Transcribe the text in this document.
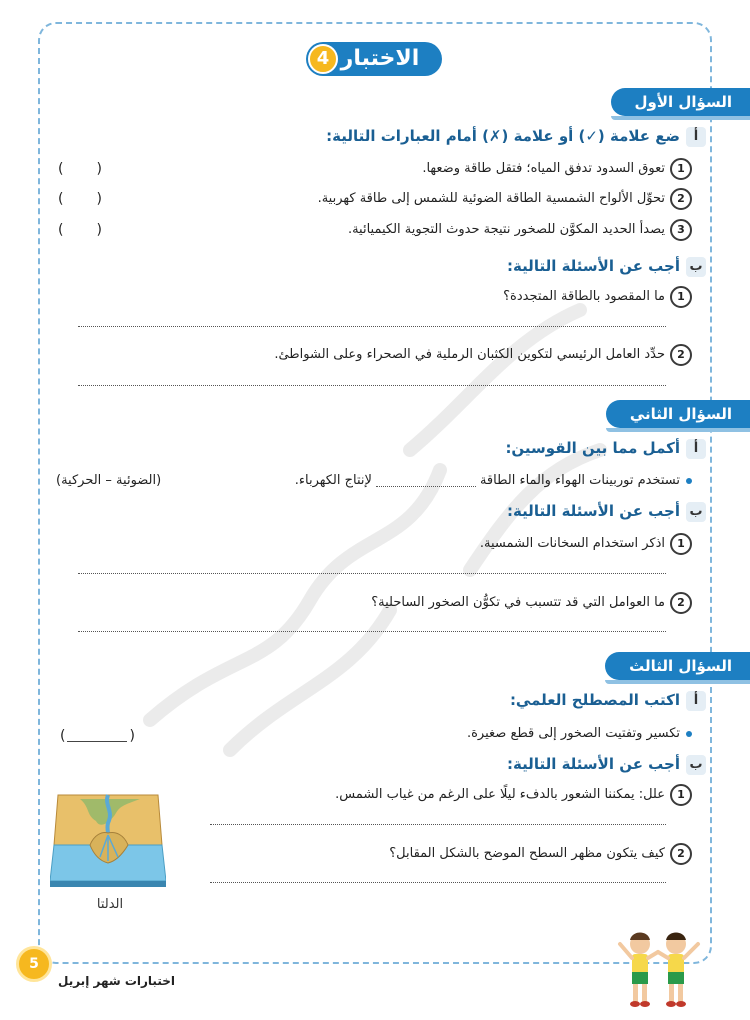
الاختبار
4
السؤال الأول
أضع علامة (✓) أو علامة (✗) أمام العبارات التالية:
1تعوق السدود تدفق المياه؛ فتقل طاقة وضعها.
( )
2تحوِّل الألواح الشمسية الطاقة الضوئية للشمس إلى طاقة كهربية.
( )
3يصدأ الحديد المكوَّن للصخور نتيجة حدوث التجوية الكيميائية.
( )
بأجب عن الأسئلة التالية:
1ما المقصود بالطاقة المتجددة؟
2حدِّد العامل الرئيسي لتكوين الكثبان الرملية في الصحراء وعلى الشواطئ.
السؤال الثاني
أأكمل مما بين القوسين:
تستخدم توربينات الهواء والماء الطاقةلإنتاج الكهرباء.
(الضوئية – الحركية)
بأجب عن الأسئلة التالية:
1اذكر استخدام السخانات الشمسية.
2ما العوامل التي قد تتسبب في تكوُّن الصخور الساحلية؟
السؤال الثالث
أاكتب المصطلح العلمي:
تكسير وتفتيت الصخور إلى قطع صغيرة.
(	)
بأجب عن الأسئلة التالية:
1علل: يمكننا الشعور بالدفء ليلًا على الرغم من غياب الشمس.
2كيف يتكون مظهر السطح الموضح بالشكل المقابل؟
الدلتا
5
اختبارات شهر إبريل
